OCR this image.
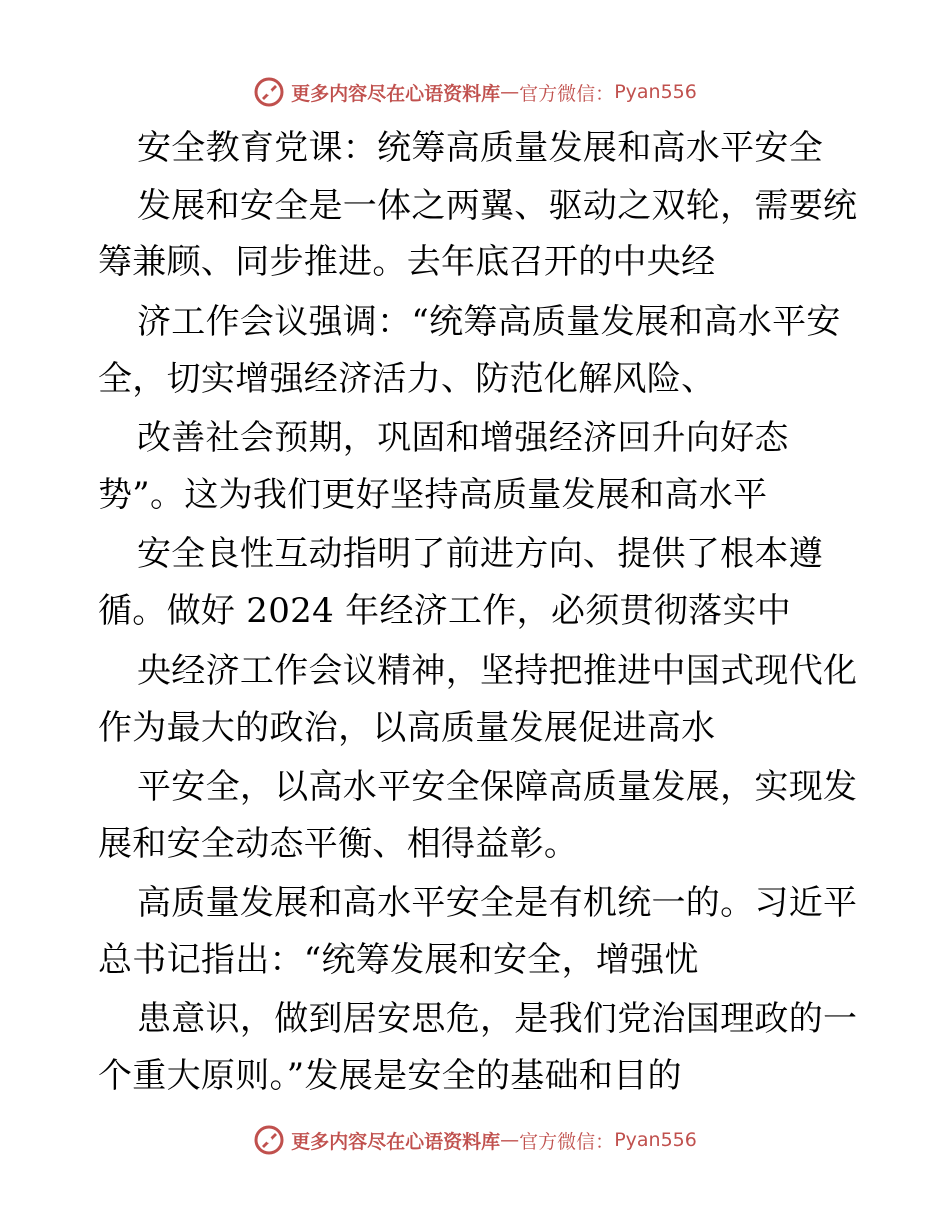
更多内容尽在心语资料库 — 官方微信： Pyan556
安全教育党课：统筹高质量发展和高水平安全
发展和安全是一体之两翼、驱动之双轮，需要统
筹兼顾、同步推进。去年底召开的中央经
济工作会议强调：“统筹高质量发展和高水平安
全，切实增强经济活力、防范化解风险、
改善社会预期，巩固和增强经济回升向好态
势”。这为我们更好坚持高质量发展和高水平
安全良性互动指明了前进方向、提供了根本遵
循。做好 2024 年经济工作，必须贯彻落实中
央经济工作会议精神，坚持把推进中国式现代化
作为最大的政治，以高质量发展促进高水
平安全，以高水平安全保障高质量发展，实现发
展和安全动态平衡、相得益彰。
高质量发展和高水平安全是有机统一的。习近平
总书记指出：“统筹发展和安全，增强忧
患意识，做到居安思危，是我们党治国理政的一
个重大原则。”发展是安全的基础和目的
更多内容尽在心语资料库 — 官方微信： Pyan556
